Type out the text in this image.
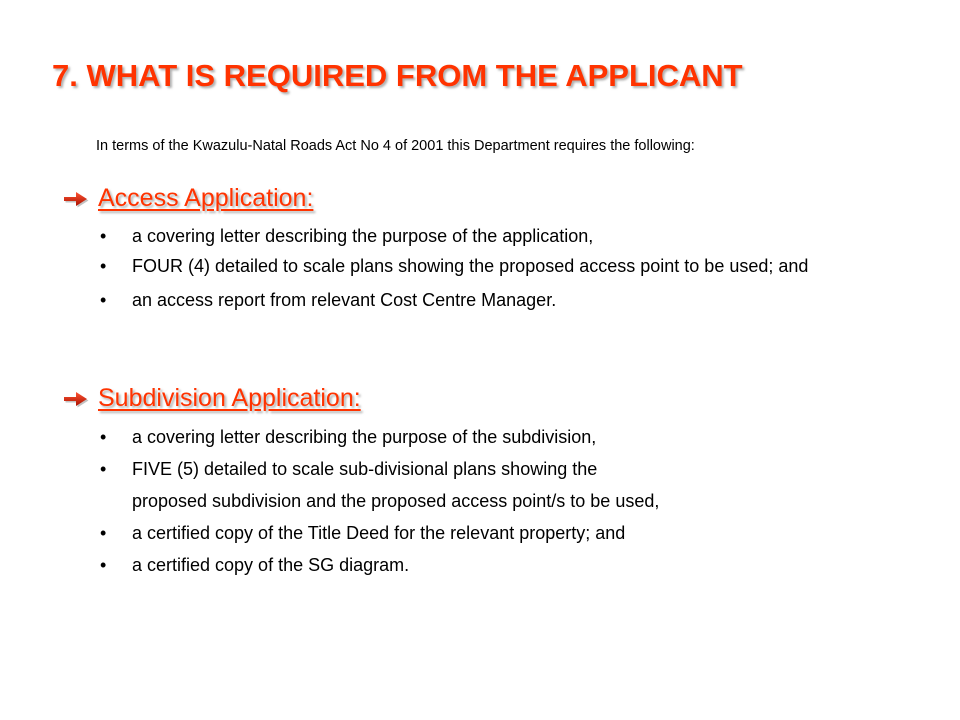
7. WHAT IS REQUIRED FROM THE APPLICANT
In terms of the Kwazulu-Natal Roads Act No 4 of 2001 this Department requires the following:
Access Application:
• a covering letter describing the purpose of the application,
• FOUR (4) detailed to scale plans showing the proposed access point to be used; and
• an access report from relevant Cost Centre Manager.
Subdivision Application:
• a covering letter describing the purpose of the subdivision,
• FIVE (5) detailed to scale sub-divisional plans showing the
proposed subdivision and the proposed access point/s to be used,
• a certified copy of the Title Deed for the relevant property; and
• a certified copy of the SG diagram.
